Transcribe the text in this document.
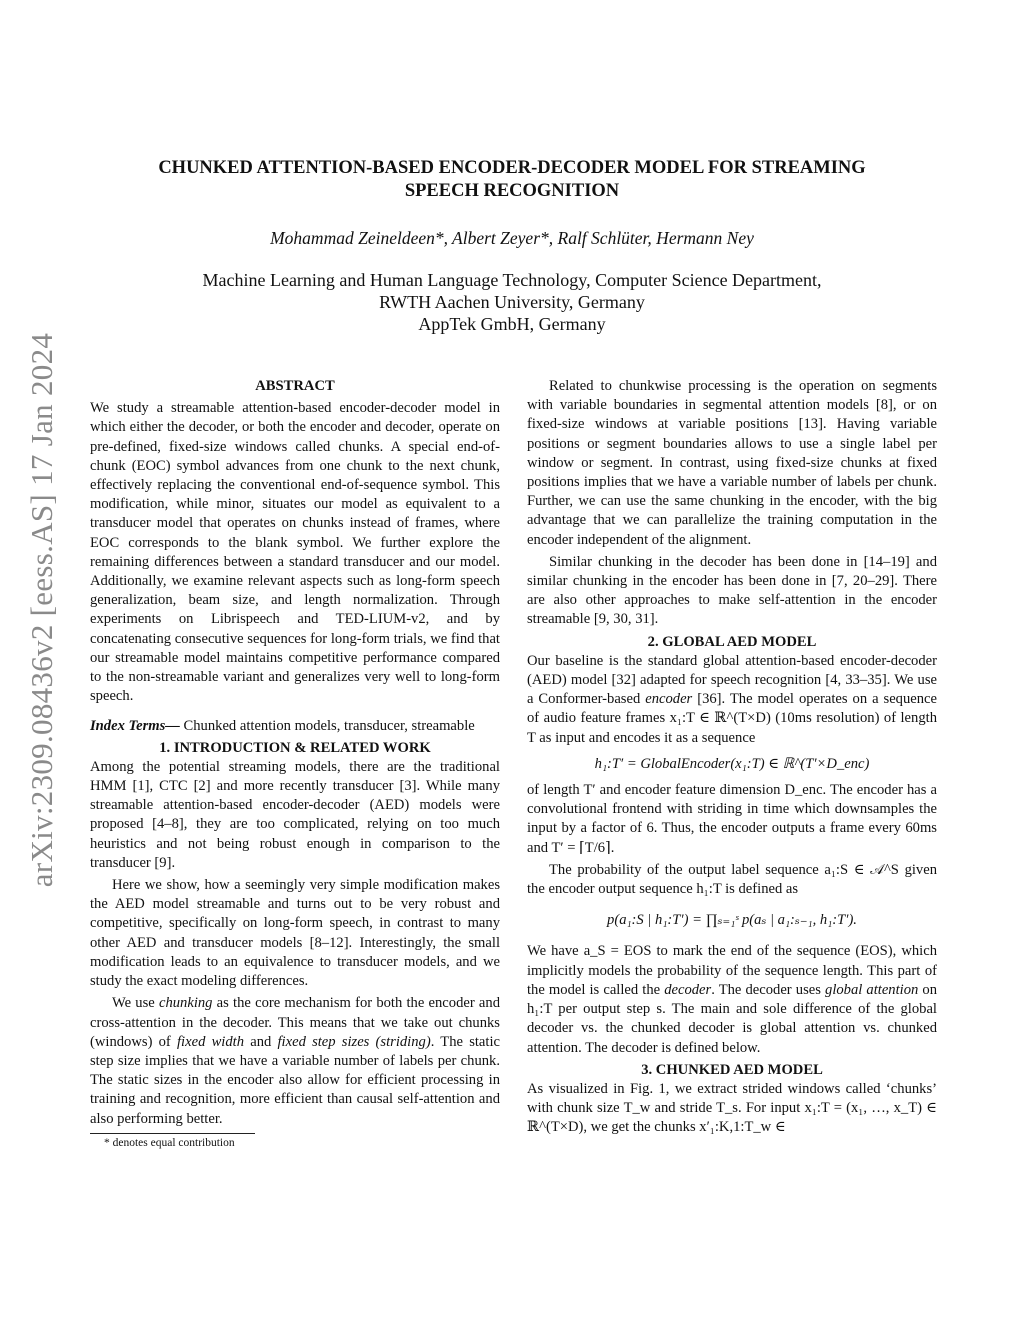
arXiv:2309.08436v2 [eess.AS] 17 Jan 2024
CHUNKED ATTENTION-BASED ENCODER-DECODER MODEL FOR STREAMING
SPEECH RECOGNITION
Mohammad Zeineldeen*, Albert Zeyer*, Ralf Schlüter, Hermann Ney
Machine Learning and Human Language Technology, Computer Science Department,
RWTH Aachen University, Germany
AppTek GmbH, Germany
ABSTRACT

We study a streamable attention-based encoder-decoder model in which either the decoder, or both the encoder and decoder, operate on pre-defined, fixed-size windows called chunks. A special end-of-chunk (EOC) symbol advances from one chunk to the next chunk, effectively replacing the conventional end-of-sequence symbol. This modification, while minor, situates our model as equivalent to a transducer model that operates on chunks instead of frames, where EOC corresponds to the blank symbol. We further explore the remaining differences between a standard transducer and our model. Additionally, we examine relevant aspects such as long-form speech generalization, beam size, and length normalization. Through experiments on Librispeech and TED-LIUM-v2, and by concatenating consecutive sequences for long-form trials, we find that our streamable model maintains competitive performance compared to the non-streamable variant and generalizes very well to long-form speech.

Index Terms— Chunked attention models, transducer, streamable

1. INTRODUCTION & RELATED WORK

Among the potential streaming models, there are the traditional HMM [1], CTC [2] and more recently transducer [3]. While many streamable attention-based encoder-decoder (AED) models were proposed [4–8], they are too complicated, relying on too much heuristics and not being robust enough in comparison to the transducer [9].

Here we show, how a seemingly very simple modification makes the AED model streamable and turns out to be very robust and competitive, specifically on long-form speech, in contrast to many other AED and transducer models [8–12]. Interestingly, the small modification leads to an equivalence to transducer models, and we study the exact modeling differences.

We use chunking as the core mechanism for both the encoder and cross-attention in the decoder. This means that we take out chunks (windows) of fixed width and fixed step sizes (striding). The static step size implies that we have a variable number of labels per chunk. The static sizes in the encoder also allow for efficient processing in training and recognition, more efficient than causal self-attention and also performing better.

* denotes equal contribution

Related to chunkwise processing is the operation on segments with variable boundaries in segmental attention models [8], or on fixed-size windows at variable positions [13]. Having variable positions or segment boundaries allows to use a single label per window or segment. In contrast, using fixed-size chunks at fixed positions implies that we have a variable number of labels per chunk. Further, we can use the same chunking in the encoder, with the big advantage that we can parallelize the training computation in the encoder independent of the alignment.

Similar chunking in the decoder has been done in [14–19] and similar chunking in the encoder has been done in [7, 20–29]. There are also other approaches to make self-attention in the encoder streamable [9, 30, 31].

2. GLOBAL AED MODEL

Our baseline is the standard global attention-based encoder-decoder (AED) model [32] adapted for speech recognition [4, 33–35]. We use a Conformer-based encoder [36]. The model operates on a sequence of audio feature frames x₁:T ∈ ℝ^(T×D) (10ms resolution) of length T as input and encodes it as a sequence

h₁:T′ = GlobalEncoder(x₁:T) ∈ ℝ^(T′×D_enc)

of length T′ and encoder feature dimension D_enc. The encoder has a convolutional frontend with striding in time which downsamples the input by a factor of 6. Thus, the encoder outputs a frame every 60ms and T′ = ⌈T/6⌉.

The probability of the output label sequence a₁:S ∈ 𝒜^S given the encoder output sequence h₁:T is defined as

p(a₁:S | h₁:T′) = ∏ₛ₌₁ˢ p(aₛ | a₁:ₛ₋₁, h₁:T′).

We have a_S = EOS to mark the end of the sequence (EOS), which implicitly models the probability of the sequence length. This part of the model is called the decoder. The decoder uses global attention on h₁:T per output step s. The main and sole difference of the global decoder vs. the chunked decoder is global attention vs. chunked attention. The decoder is defined below.

3. CHUNKED AED MODEL

As visualized in Fig. 1, we extract strided windows called ‘chunks’ with chunk size T_w and stride T_s. For input x₁:T = (x₁, …, x_T) ∈ ℝ^(T×D), we get the chunks x′₁:K,1:T_w ∈
